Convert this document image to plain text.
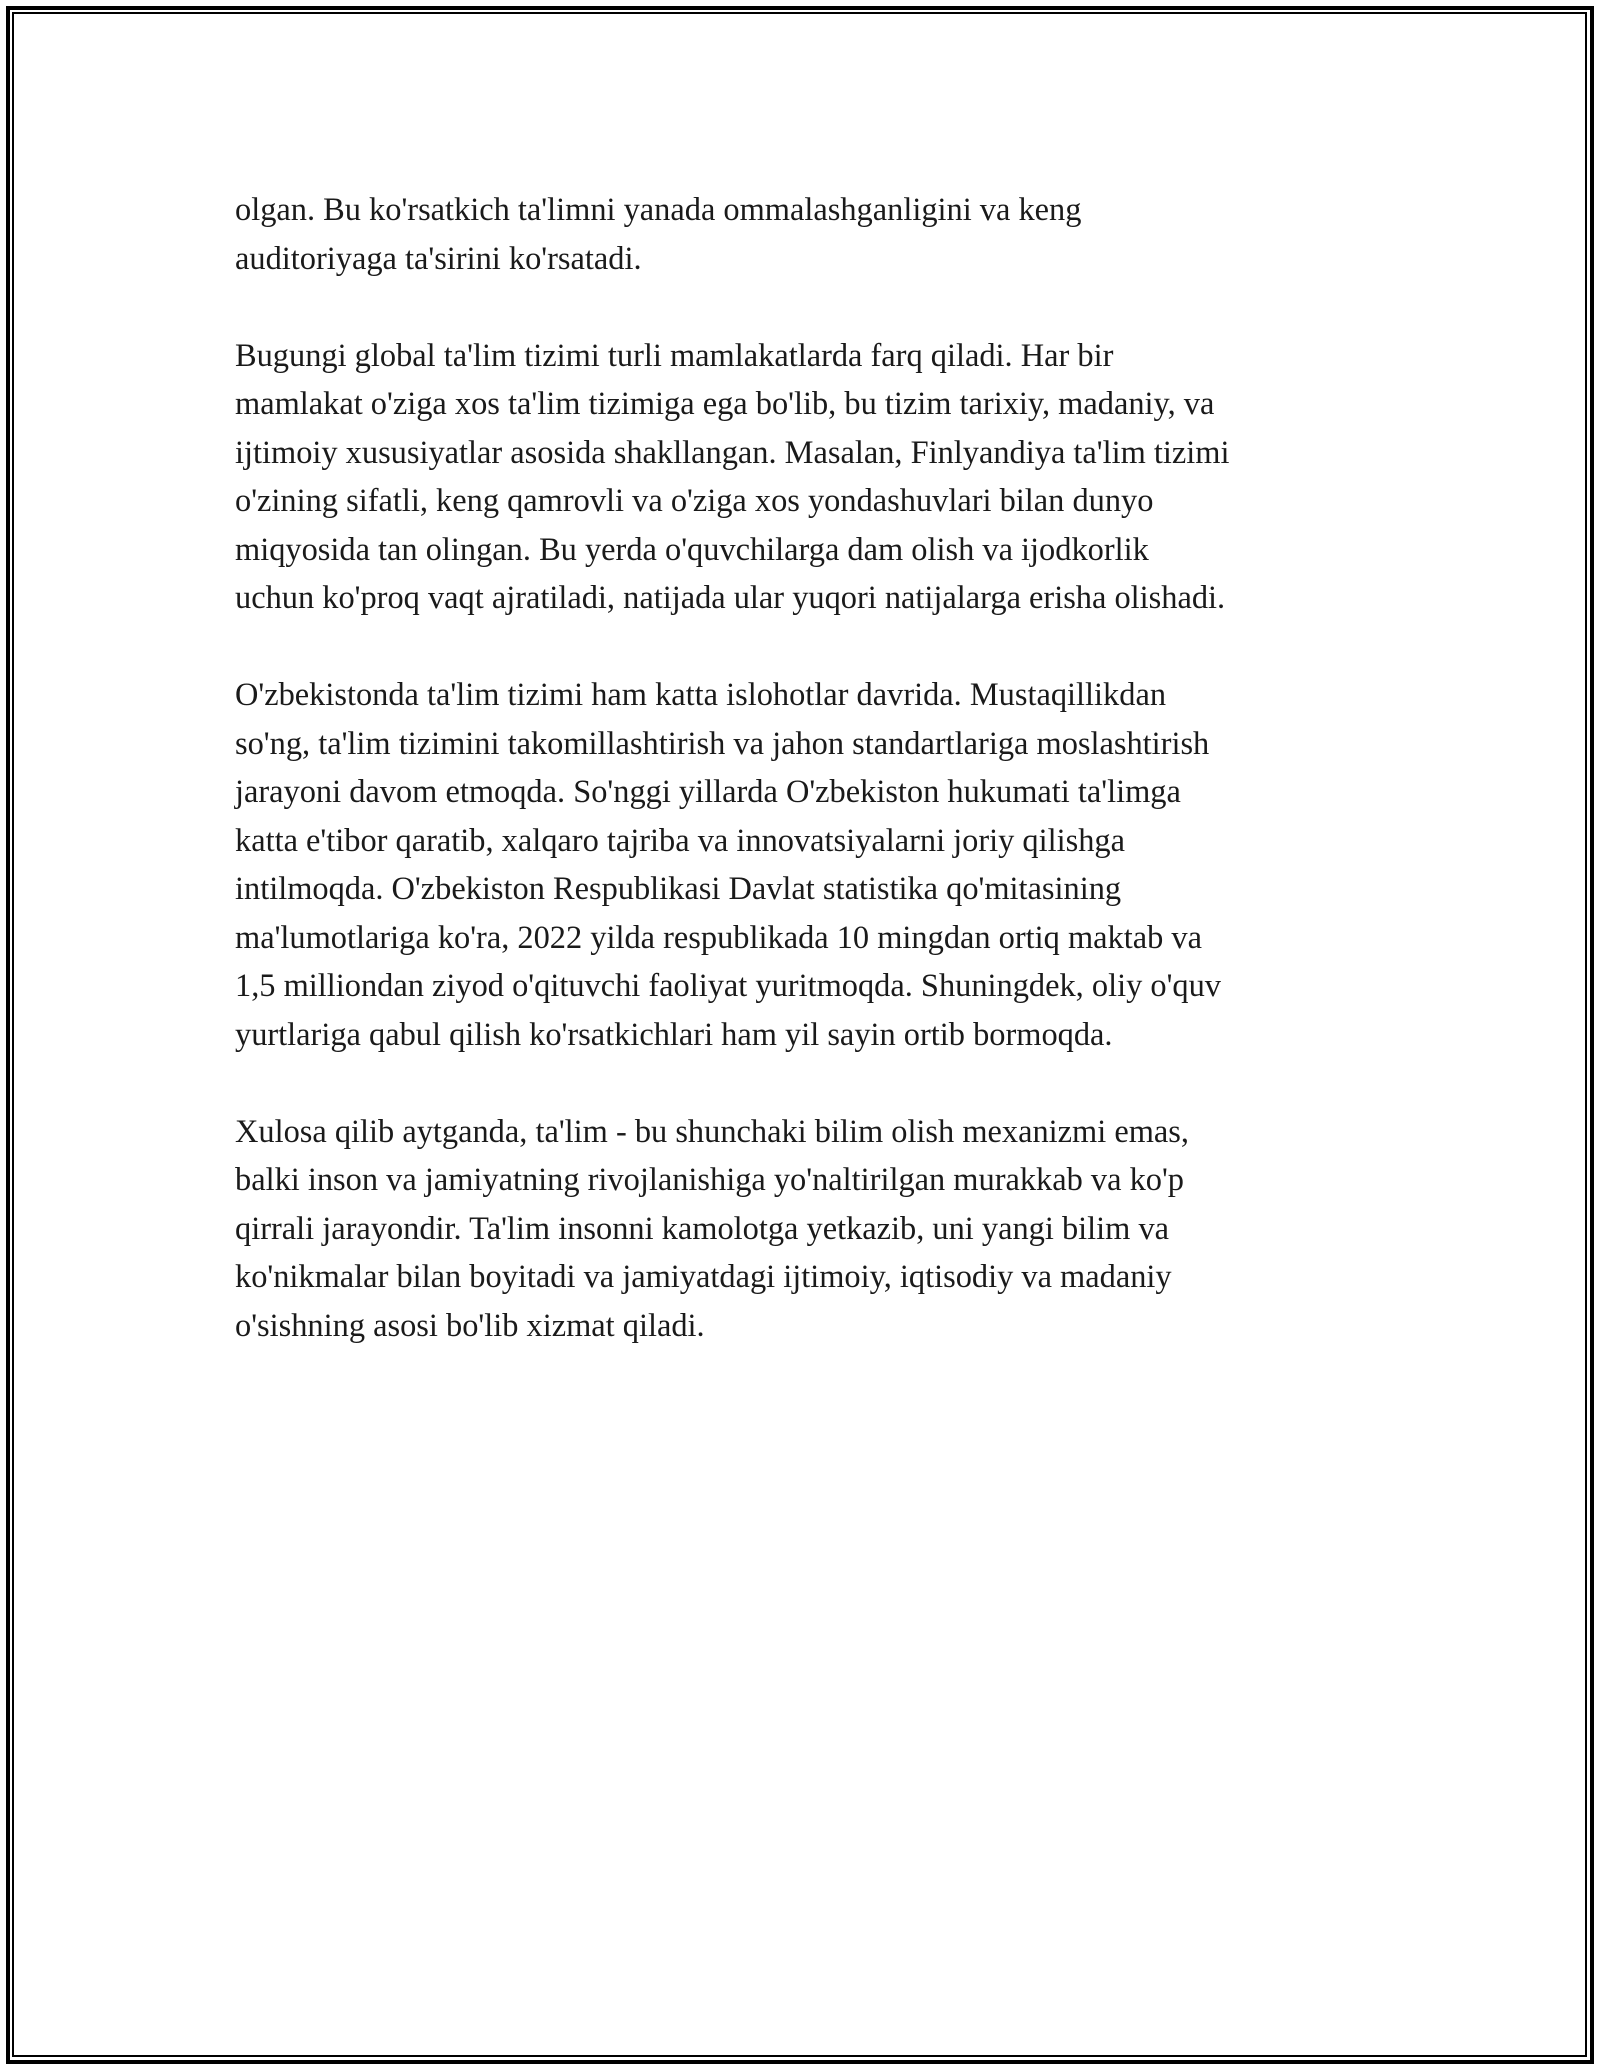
olgan. Bu ko'rsatkich ta'limni yanada ommalashganligini va keng
auditoriyaga ta'sirini ko'rsatadi.

Bugungi global ta'lim tizimi turli mamlakatlarda farq qiladi. Har bir
mamlakat o'ziga xos ta'lim tizimiga ega bo'lib, bu tizim tarixiy, madaniy, va
ijtimoiy xususiyatlar asosida shakllangan. Masalan, Finlyandiya ta'lim tizimi
o'zining sifatli, keng qamrovli va o'ziga xos yondashuvlari bilan dunyo
miqyosida tan olingan. Bu yerda o'quvchilarga dam olish va ijodkorlik
uchun ko'proq vaqt ajratiladi, natijada ular yuqori natijalarga erisha olishadi.

O'zbekistonda ta'lim tizimi ham katta islohotlar davrida. Mustaqillikdan
so'ng, ta'lim tizimini takomillashtirish va jahon standartlariga moslashtirish
jarayoni davom etmoqda. So'nggi yillarda O'zbekiston hukumati ta'limga
katta e'tibor qaratib, xalqaro tajriba va innovatsiyalarni joriy qilishga
intilmoqda. O'zbekiston Respublikasi Davlat statistika qo'mitasining
ma'lumotlariga ko'ra, 2022 yilda respublikada 10 mingdan ortiq maktab va
1,5 milliondan ziyod o'qituvchi faoliyat yuritmoqda. Shuningdek, oliy o'quv
yurtlariga qabul qilish ko'rsatkichlari ham yil sayin ortib bormoqda.

Xulosa qilib aytganda, ta'lim - bu shunchaki bilim olish mexanizmi emas,
balki inson va jamiyatning rivojlanishiga yo'naltirilgan murakkab va ko'p
qirrali jarayondir. Ta'lim insonni kamolotga yetkazib, uni yangi bilim va
ko'nikmalar bilan boyitadi va jamiyatdagi ijtimoiy, iqtisodiy va madaniy
o'sishning asosi bo'lib xizmat qiladi.
